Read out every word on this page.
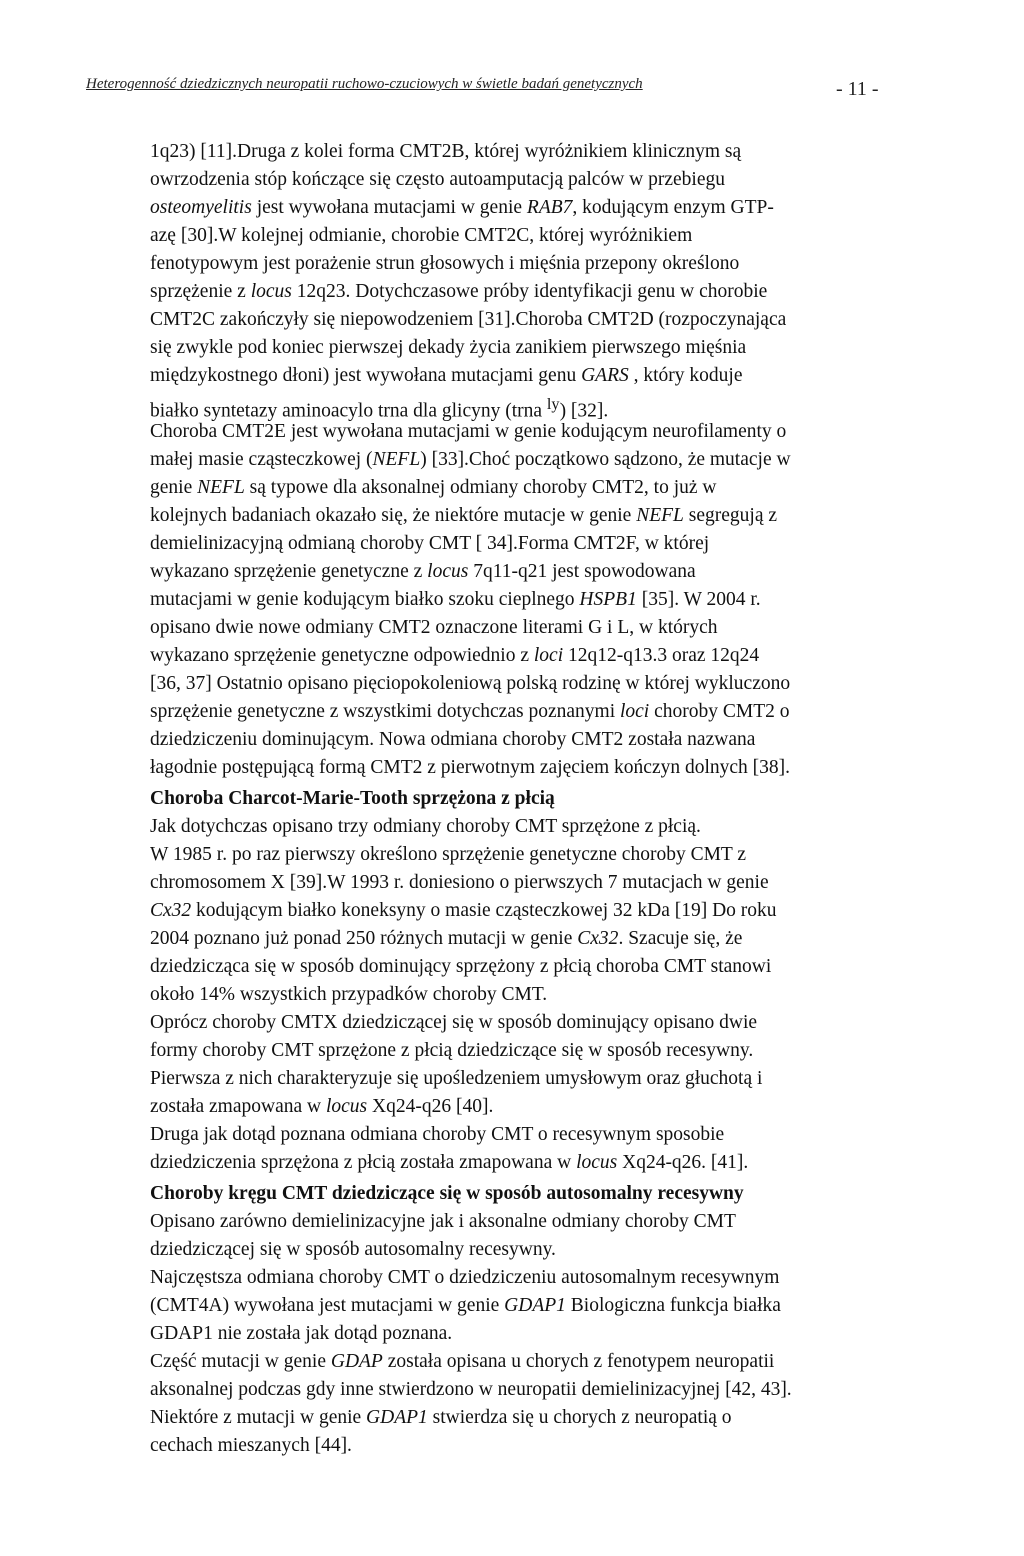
Heterogenność dziedzicznych neuropatii ruchowo-czuciowych w świetle badań genetycznych	- 11 -
1q23) [11].Druga z kolei forma CMT2B, której wyróżnikiem klinicznym są
owrzodzenia stóp kończące się często autoamputacją palców w przebiegu
osteomyelitis jest wywołana mutacjami w genie RAB7, kodującym enzym GTP-
azę [30].W kolejnej odmianie, chorobie CMT2C, której wyróżnikiem
fenotypowym jest porażenie strun głosowych i mięśnia przepony określono
sprzężenie z locus 12q23. Dotychczasowe próby identyfikacji genu w chorobie
CMT2C zakończyły się niepowodzeniem [31].Choroba CMT2D (rozpoczynająca
się zwykle pod koniec pierwszej dekady życia zanikiem pierwszego mięśnia
międzykostnego dłoni) jest wywołana mutacjami genu GARS , który koduje
białko syntetazy aminoacylo trna dla glicyny (trna $^{ly}$) [32].
Choroba CMT2E jest wywołana mutacjami w genie kodującym neurofilamenty o
małej masie cząsteczkowej (NEFL) [33].Choć początkowo sądzono, że mutacje w
genie NEFL są typowe dla aksonalnej odmiany choroby CMT2, to już w
kolejnych badaniach okazało się, że niektóre mutacje w genie NEFL segregują z
demielinizacyjną odmianą choroby CMT [ 34].Forma CMT2F, w której
wykazano sprzężenie genetyczne z locus 7q11-q21 jest spowodowana
mutacjami w genie kodującym białko szoku cieplnego HSPB1 [35]. W 2004 r.
opisano dwie nowe odmiany CMT2 oznaczone literami G i L, w których
wykazano sprzężenie genetyczne odpowiednio z loci 12q12-q13.3 oraz 12q24
[36, 37] Ostatnio opisano pięciopokoleniową polską rodzinę w której wykluczono
sprzężenie genetyczne z wszystkimi dotychczas poznanymi loci choroby CMT2 o
dziedziczeniu dominującym. Nowa odmiana choroby CMT2 została nazwana
łagodnie postępującą formą CMT2 z pierwotnym zajęciem kończyn dolnych [38].
Choroba Charcot-Marie-Tooth sprzężona z płcią
Jak dotychczas opisano trzy odmiany choroby CMT sprzężone z płcią.
W 1985 r. po raz pierwszy określono sprzężenie genetyczne choroby CMT z
chromosomem X [39].W 1993 r. doniesiono o pierwszych 7 mutacjach w genie
Cx32 kodującym białko koneksyny o masie cząsteczkowej 32 kDa [19] Do roku
2004 poznano już ponad 250 różnych mutacji w genie Cx32. Szacuje się, że
dziedzicząca się w sposób dominujący sprzężony z płcią choroba CMT stanowi
około 14% wszystkich przypadków choroby CMT.
Oprócz choroby CMTX dziedziczącej się w sposób dominujący opisano dwie
formy choroby CMT sprzężone z płcią dziedziczące się w sposób recesywny.
Pierwsza z nich charakteryzuje się upośledzeniem umysłowym oraz głuchotą i
została zmapowana w locus Xq24-q26 [40].
Druga jak dotąd poznana odmiana choroby CMT o recesywnym sposobie
dziedziczenia sprzężona z płcią została zmapowana w locus Xq24-q26. [41].
Choroby kręgu CMT dziedziczące się w sposób autosomalny recesywny
Opisano zarówno demielinizacyjne jak i aksonalne odmiany choroby CMT
dziedziczącej się w sposób autosomalny recesywny.
Najczęstsza odmiana choroby CMT o dziedziczeniu autosomalnym recesywnym
(CMT4A) wywołana jest mutacjami w genie GDAP1 Biologiczna funkcja białka
GDAP1 nie została jak dotąd poznana.
Część mutacji w genie GDAP została opisana u chorych z fenotypem neuropatii
aksonalnej podczas gdy inne stwierdzono w neuropatii demielinizacyjnej [42, 43].
Niektóre z mutacji w genie GDAP1 stwierdza się u chorych z neuropatią o
cechach mieszanych [44].
